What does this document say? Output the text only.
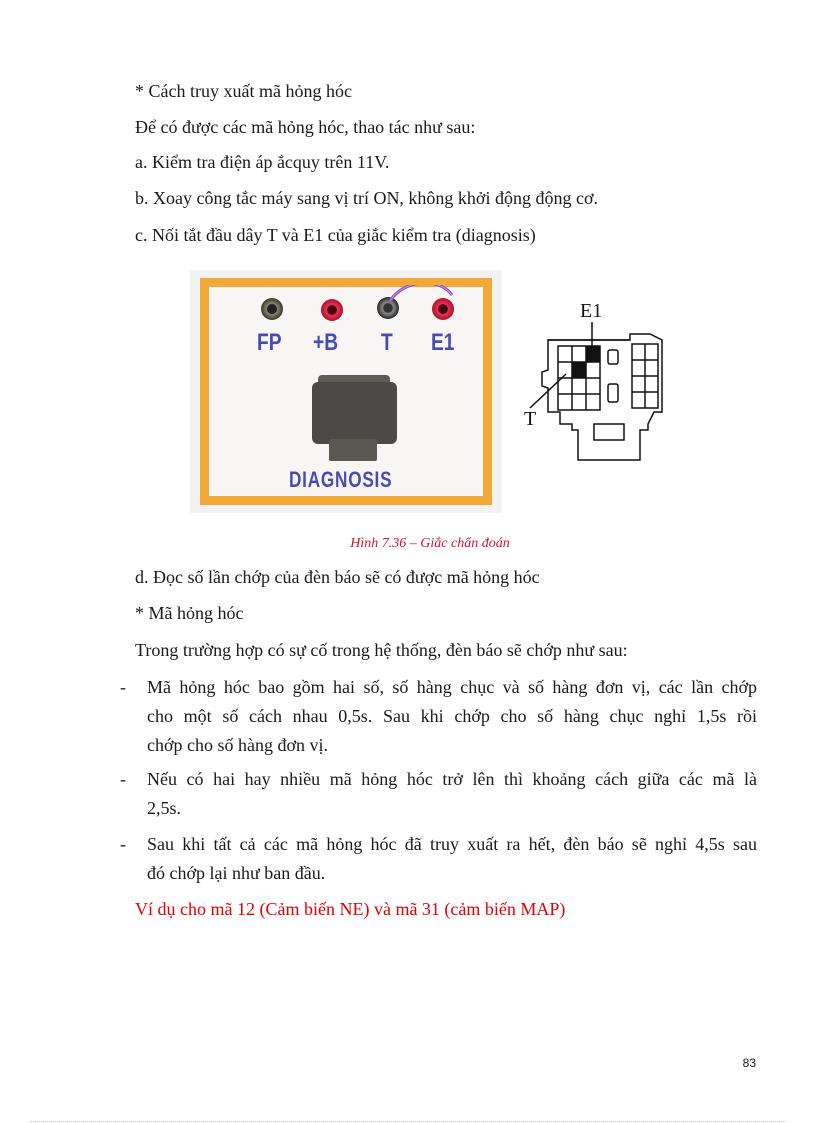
* Cách truy xuất mã hỏng hóc
Để có được các mã hỏng hóc, thao tác như sau:
a. Kiểm tra điện áp ắcquy trên 11V.
b. Xoay công tắc máy sang vị trí ON, không khởi động động cơ.
c. Nối tắt đầu dây T và E1 của giắc kiểm tra (diagnosis)
FP +B T E1
DIAGNOSIS
E1
T
Hình 7.36 – Giắc chẩn đoán
d. Đọc số lần chớp của đèn báo sẽ có được mã hỏng hóc
* Mã hỏng hóc
Trong trường hợp có sự cố trong hệ thống, đèn báo sẽ chớp như sau:
- Mã hỏng hóc bao gồm hai số, số hàng chục và số hàng đơn vị, các lần chớp
cho một số cách nhau 0,5s. Sau khi chớp cho số hàng chục nghỉ 1,5s rồi
chớp cho số hàng đơn vị.
- Nếu có hai hay nhiều mã hỏng hóc trở lên thì khoảng cách giữa các mã là
2,5s.
- Sau khi tất cả các mã hỏng hóc đã truy xuất ra hết, đèn báo sẽ nghỉ 4,5s sau
đó chớp lại như ban đầu.
Ví dụ cho mã 12 (Cảm biến NE) và mã 31 (cảm biến MAP)
83
